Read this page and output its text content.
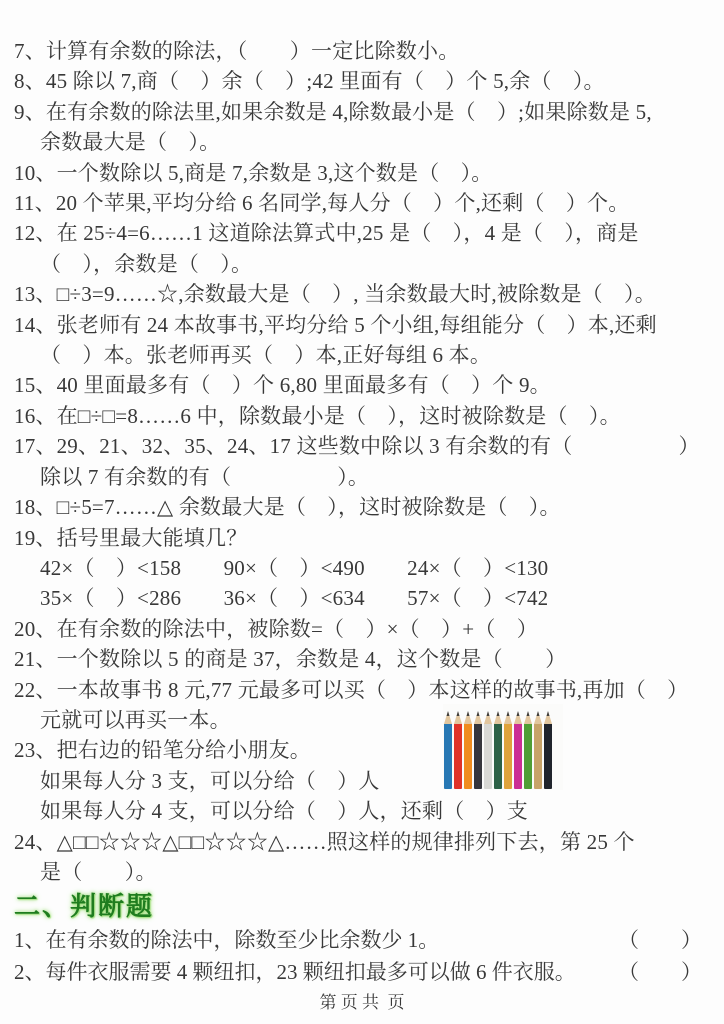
7、计算有余数的除法，（　　）一定比除数小。
8、45 除以 7,商（　）余（　）;42 里面有（　）个 5,余（　）。
9、在有余数的除法里,如果余数是 4,除数最小是（　）;如果除数是 5,
余数最大是（　）。
10、一个数除以 5,商是 7,余数是 3,这个数是（　）。
11、20 个苹果,平均分给 6 名同学,每人分（　）个,还剩（　）个。
12、在 25÷4=6……1 这道除法算式中,25 是（　），4 是（　），商是
（　），余数是（　）。
13、□÷3=9……☆,余数最大是（　）, 当余数最大时,被除数是（　）。
14、张老师有 24 本故事书,平均分给 5 个小组,每组能分（　）本,还剩
（　）本。张老师再买（　）本,正好每组 6 本。
15、40 里面最多有（　）个 6,80 里面最多有（　）个 9。
16、在□÷□=8……6 中，除数最小是（　），这时被除数是（　）。
17、29、21、32、35、24、17 这些数中除以 3 有余数的有（　　　　　）
除以 7 有余数的有（　　　　　）。
18、□÷5=7……△ 余数最大是（　），这时被除数是（　）。
19、括号里最大能填几？
42×（　）<158　　90×（　）<490　　24×（　）<130
35×（　）<286　　36×（　）<634　　57×（　）<742
20、在有余数的除法中，被除数=（　）×（　）+（　）
21、一个数除以 5 的商是 37，余数是 4，这个数是（　　）
22、一本故事书 8 元,77 元最多可以买（　）本这样的故事书,再加（　）
元就可以再买一本。
23、把右边的铅笔分给小朋友。
如果每人分 3 支，可以分给（　）人
如果每人分 4 支，可以分给（　）人，还剩（　）支
24、△□□☆☆☆△□□☆☆☆△……照这样的规律排列下去，第 25 个
是（　　）。
二、判断题
1、在有余数的除法中，除数至少比余数少 1。	（　　）
2、每件衣服需要 4 颗纽扣，23 颗纽扣最多可以做 6 件衣服。 （　　）
第 页 共  页
